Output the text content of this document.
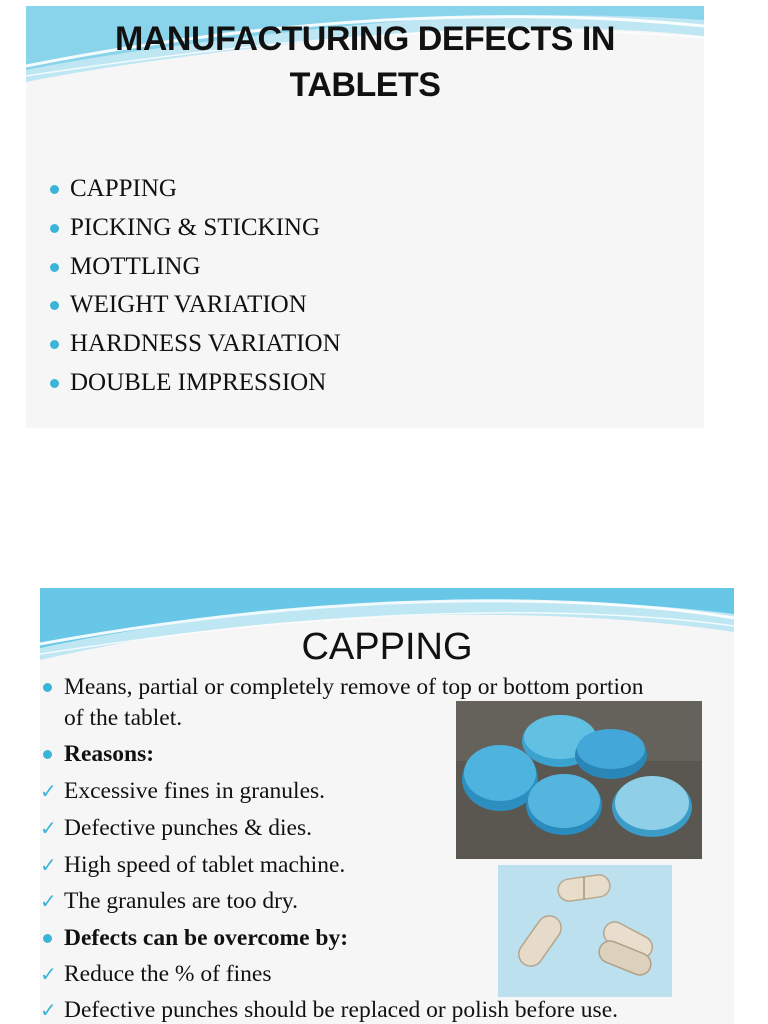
MANUFACTURING DEFECTS IN
TABLETS
CAPPING
PICKING & STICKING
MOTTLING
WEIGHT VARIATION
HARDNESS VARIATION
DOUBLE IMPRESSION
CAPPING
Means, partial or completely remove of top or bottom portion
of the tablet.
Reasons:
✓ Excessive fines in granules.
✓ Defective punches & dies.
✓ High speed of tablet machine.
✓ The granules are too dry.
Defects can be overcome by:
✓ Reduce the % of fines
✓ Defective punches should be replaced or polish before use.
